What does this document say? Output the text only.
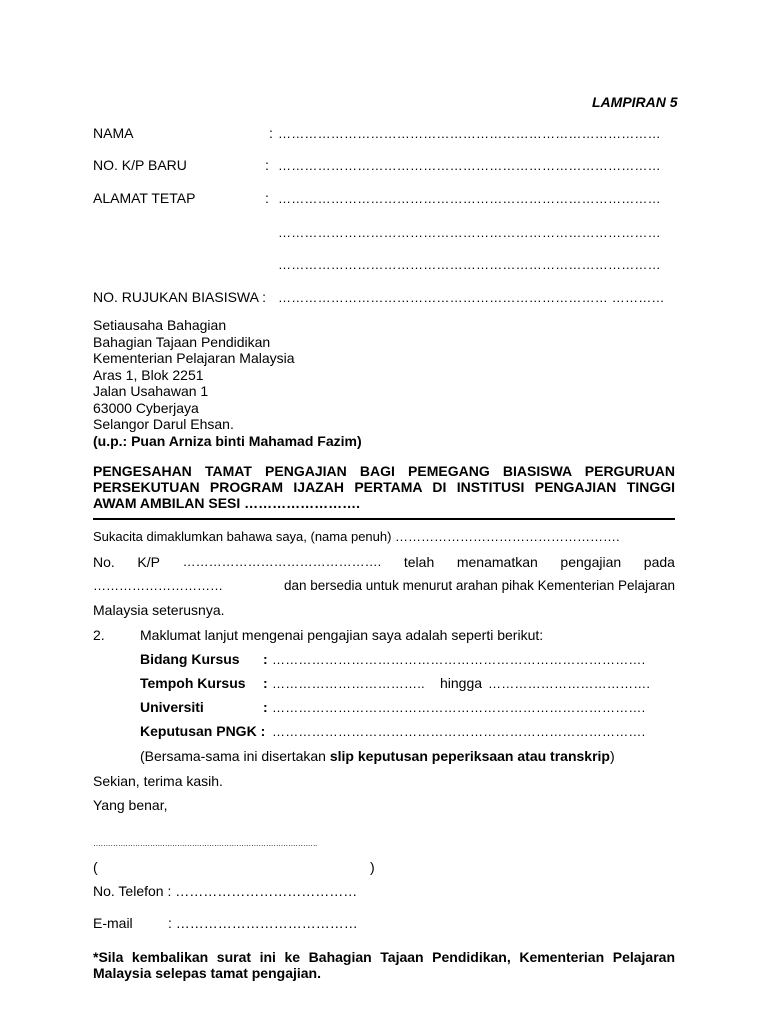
LAMPIRAN 5
NAMA	: ……………………………………………………………………………
NO. K/P BARU	: ……………………………………………………………………………
ALAMAT TETAP	: ……………………………………………………………………………
……………………………………………………………………………
……………………………………………………………………………
NO. RUJUKAN BIASISWA : ………………………………………………………………… …………
Setiausaha Bahagian
Bahagian Tajaan Pendidikan
Kementerian Pelajaran Malaysia
Aras 1, Blok 2251
Jalan Usahawan 1
63000 Cyberjaya
Selangor Darul Ehsan.
(u.p.: Puan Arniza binti Mahamad Fazim)
PENGESAHAN TAMAT PENGAJIAN BAGI PEMEGANG BIASISWA PERGURUAN
PERSEKUTUAN PROGRAM IJAZAH PERTAMA DI INSTITUSI PENGAJIAN TINGGI
AWAM AMBILAN SESI …………………….
Sukacita dimaklumkan bahawa saya, (nama penuh) …………………………………………….
No. K/P ………………………………………. telah menamatkan pengajian pada
…………………………	dan bersedia untuk menurut arahan pihak Kementerian Pelajaran
Malaysia seterusnya.
2.	Maklumat lanjut mengenai pengajian saya adalah seperti berikut:
Bidang Kursus : ………………………………………………………………………….
Tempoh Kursus : …………………………….. hingga ……………………………….
Universiti	: ………………………………………………………………………….
Keputusan PNGK : ………………………………………………………………………….
(Bersama-sama ini disertakan slip keputusan peperiksaan atau transkrip)
Sekian, terima kasih.
Yang benar,
……………………………………………………………………………….
(	)
No. Telefon : …………………………………
E-mail	: …………………………………
*Sila kembalikan surat ini ke Bahagian Tajaan Pendidikan, Kementerian Pelajaran
Malaysia selepas tamat pengajian.
